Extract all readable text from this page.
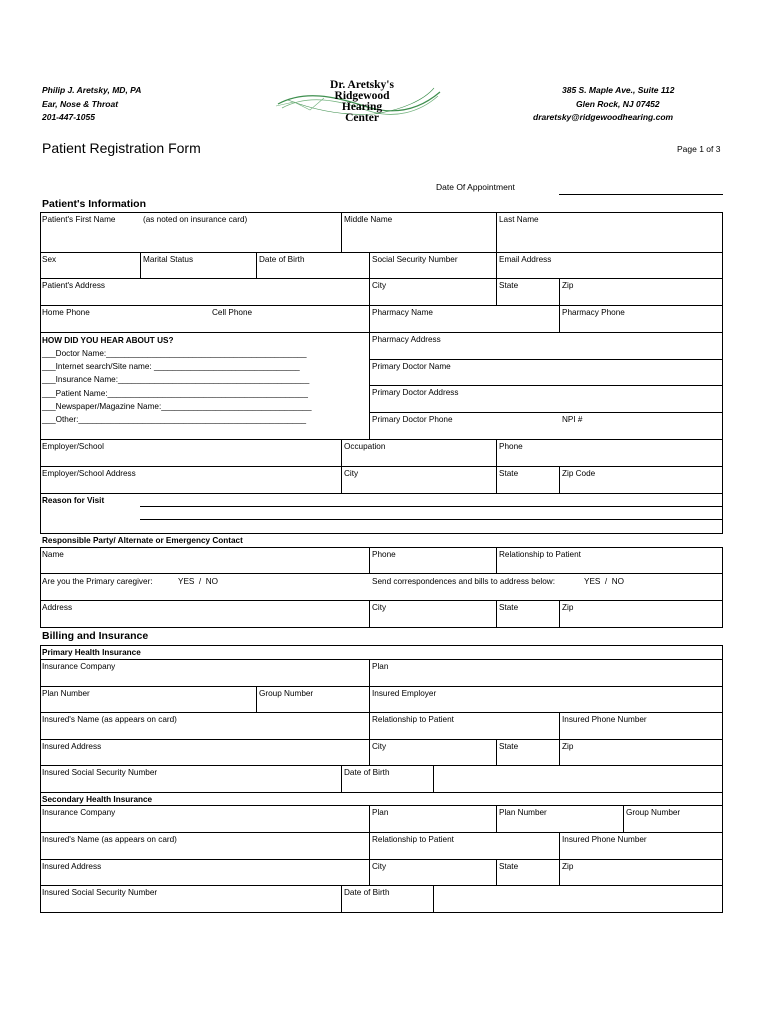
Philip J. Aretsky, MD, PA
Ear, Nose & Throat
201-447-1055
385 S. Maple Ave., Suite 112
Glen Rock, NJ 07452
draretsky@ridgewoodhearing.com
Dr. Aretsky's
Ridgewood
Hearing
Center
Patient Registration Form	Page 1 of 3
Date Of Appointment
Patient's Information
Patient's First Name	(as noted on insurance card)	Middle Name	Last Name
Sex	Marital Status	Date of Birth	Social Security Number	Email Address
Patient's Address	City	State	Zip
Home Phone	Cell Phone	Pharmacy Name	Pharmacy Phone
HOW DID YOU HEAR ABOUT US?
___Doctor Name:____________________________________________
___Internet search/Site name: ________________________________
___Insurance Name:__________________________________________
___Patient Name:____________________________________________
___Newspaper/Magazine Name:_________________________________
___Other:__________________________________________________
Pharmacy Address
Primary Doctor Name
Primary Doctor Address
Primary Doctor Phone	NPI #
Employer/School	Occupation	Phone
Employer/School Address	City	State	Zip Code
Reason for Visit
Responsible Party/ Alternate or Emergency Contact
Name	Phone	Relationship to Patient
Are you the Primary caregiver:	YES  /  NO	Send correspondences and bills to address below:	YES  /  NO
Address	City	State	Zip
Billing and Insurance
Primary Health Insurance
Insurance Company	Plan
Plan Number	Group Number	Insured Employer
Insured's Name (as appears on card)	Relationship to Patient	Insured Phone Number
Insured Address	City	State	Zip
Insured Social Security Number	Date of Birth
Secondary Health Insurance
Insurance Company	Plan	Plan Number	Group Number
Insured's Name (as appears on card)	Relationship to Patient	Insured Phone Number
Insured Address	City	State	Zip
Insured Social Security Number	Date of Birth
